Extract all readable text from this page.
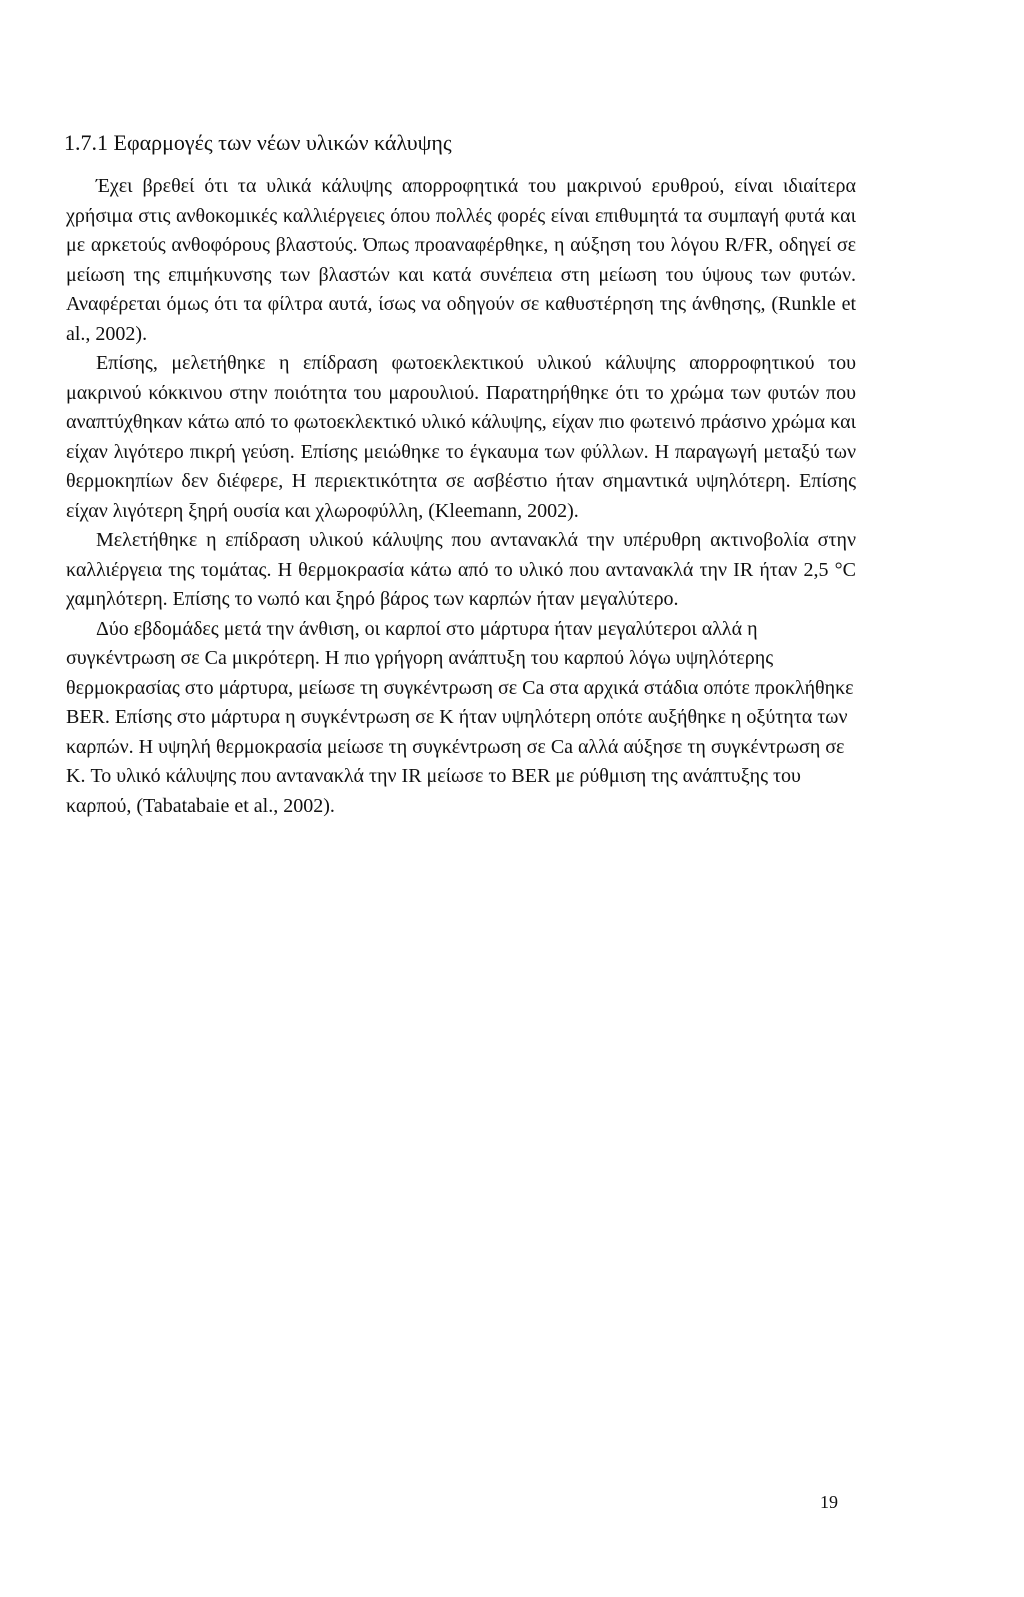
1.7.1 Εφαρμογές των νέων υλικών κάλυψης

Έχει βρεθεί ότι τα υλικά κάλυψης απορροφητικά του μακρινού ερυθρού, είναι ιδιαίτερα χρήσιμα στις ανθοκομικές καλλιέργειες όπου πολλές φορές είναι επιθυμητά τα συμπαγή φυτά και με αρκετούς ανθοφόρους βλαστούς. Όπως προαναφέρθηκε, η αύξηση του λόγου R/FR, οδηγεί σε μείωση της επιμήκυνσης των βλαστών και κατά συνέπεια στη μείωση του ύψους των φυτών. Αναφέρεται όμως ότι τα φίλτρα αυτά, ίσως να οδηγούν σε καθυστέρηση της άνθησης, (Runkle et al., 2002).

Επίσης, μελετήθηκε η επίδραση φωτοεκλεκτικού υλικού κάλυψης απορροφητικού του μακρινού κόκκινου στην ποιότητα του μαρουλιού. Παρατηρήθηκε ότι το χρώμα των φυτών που αναπτύχθηκαν κάτω από το φωτοεκλεκτικό υλικό κάλυψης, είχαν πιο φωτεινό πράσινο χρώμα και είχαν λιγότερο πικρή γεύση. Επίσης μειώθηκε το έγκαυμα των φύλλων. Η παραγωγή μεταξύ των θερμοκηπίων δεν διέφερε, Η περιεκτικότητα σε ασβέστιο ήταν σημαντικά υψηλότερη. Επίσης είχαν λιγότερη ξηρή ουσία και χλωροφύλλη, (Kleemann, 2002).

Μελετήθηκε η επίδραση υλικού κάλυψης που αντανακλά την υπέρυθρη ακτινοβολία στην καλλιέργεια της τομάτας. Η θερμοκρασία κάτω από το υλικό που αντανακλά την IR ήταν 2,5 °C χαμηλότερη. Επίσης το νωπό και ξηρό βάρος των καρπών ήταν μεγαλύτερο.

Δύο εβδομάδες μετά την άνθιση, οι καρποί στο μάρτυρα ήταν μεγαλύτεροι αλλά η συγκέντρωση σε Ca μικρότερη. Η πιο γρήγορη ανάπτυξη του καρπού λόγω υψηλότερης θερμοκρασίας στο μάρτυρα, μείωσε τη συγκέντρωση σε Ca στα αρχικά στάδια οπότε προκλήθηκε BER. Επίσης στο μάρτυρα η συγκέντρωση σε K ήταν υψηλότερη οπότε αυξήθηκε η οξύτητα των καρπών. Η υψηλή θερμοκρασία μείωσε τη συγκέντρωση σε Ca αλλά αύξησε τη συγκέντρωση σε K. Το υλικό κάλυψης που αντανακλά την IR μείωσε το BER με ρύθμιση της ανάπτυξης του καρπού, (Tabatabaie et al., 2002).

19
